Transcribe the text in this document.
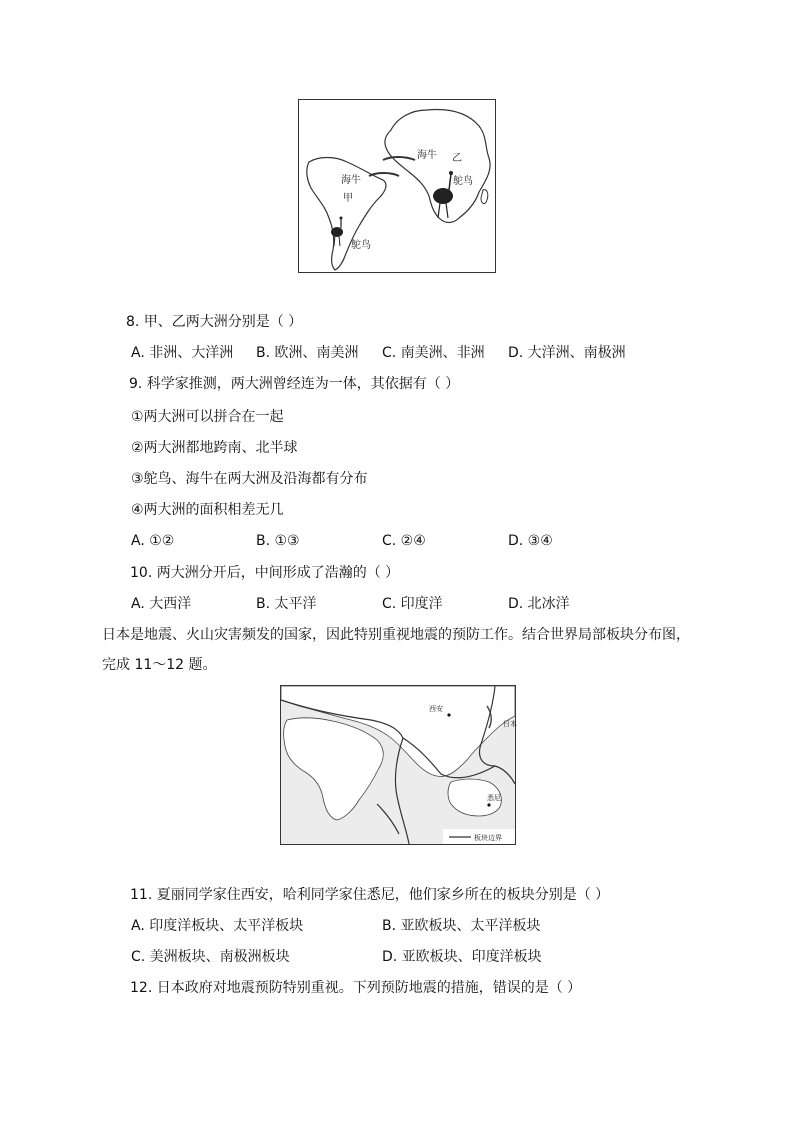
海牛
甲
鸵鸟
海牛 乙
鸵鸟
8. 甲、乙两大洲分别是（ ）
A. 非洲、大洋洲 B. 欧洲、南美洲 C. 南美洲、非洲 D. 大洋洲、南极洲
9. 科学家推测，两大洲曾经连为一体，其依据有（ ）
①两大洲可以拼合在一起
②两大洲都地跨南、北半球
③鸵鸟、海牛在两大洲及沿海都有分布
④两大洲的面积相差无几
A. ①②	B. ①③	C. ②④	D. ③④
10. 两大洲分开后，中间形成了浩瀚的（ ）
A. 大西洋	B. 太平洋	C. 印度洋	D. 北冰洋
日本是地震、火山灾害频发的国家，因此特别重视地震的预防工作。结合世界局部板块分布图，
完成 11～12 题。
西安
日本
悉尼
板块边界
11. 夏丽同学家住西安，哈利同学家住悉尼，他们家乡所在的板块分别是（ ）
A. 印度洋板块、太平洋板块	B. 亚欧板块、太平洋板块
C. 美洲板块、南极洲板块	D. 亚欧板块、印度洋板块
12. 日本政府对地震预防特别重视。下列预防地震的措施，错误的是（ ）
